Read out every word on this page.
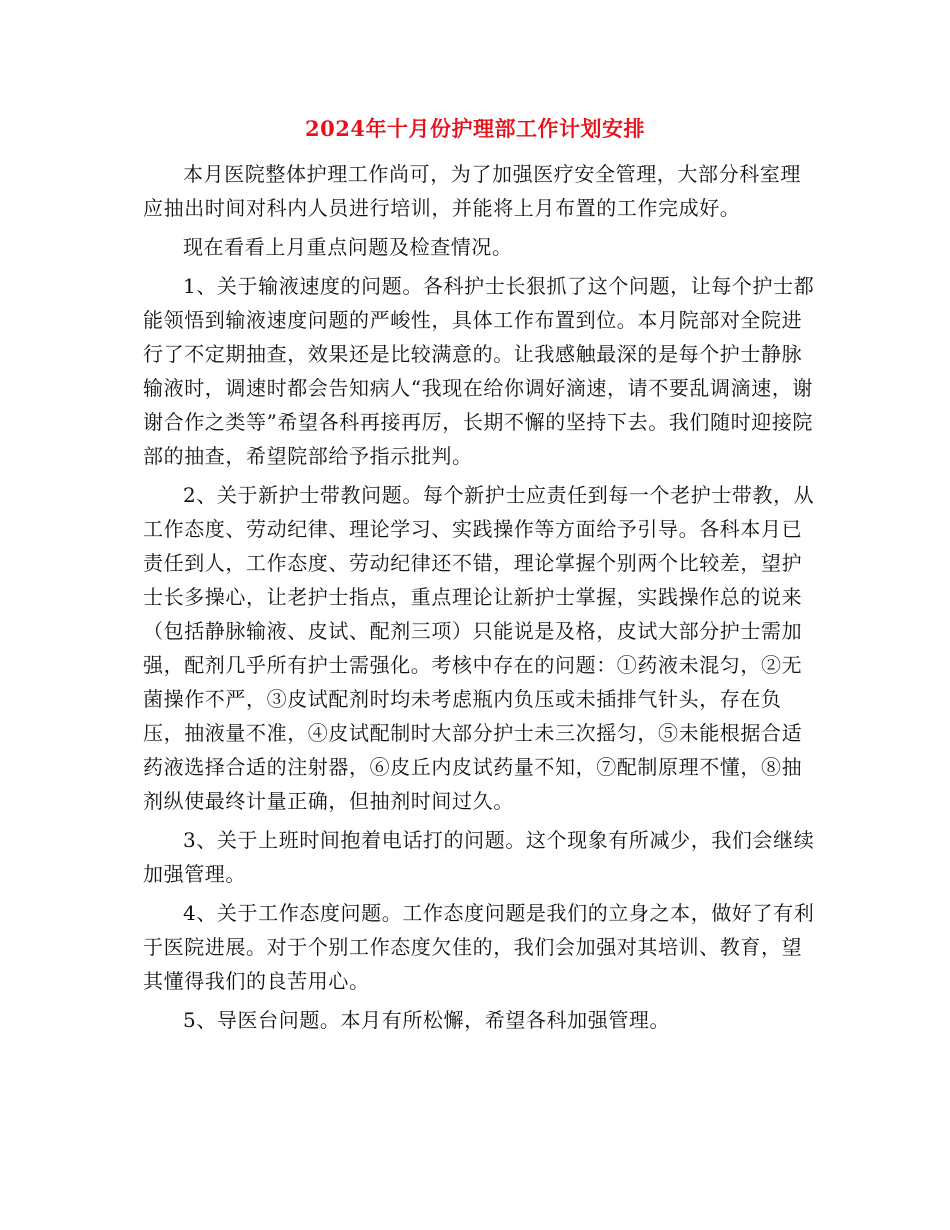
2024年十月份护理部工作计划安排

本月医院整体护理工作尚可，为了加强医疗安全管理，大部分科室理应抽出时间对科内人员进行培训，并能将上月布置的工作完成好。

现在看看上月重点问题及检查情况。

1、关于输液速度的问题。各科护士长狠抓了这个问题，让每个护士都能领悟到输液速度问题的严峻性，具体工作布置到位。本月院部对全院进行了不定期抽查，效果还是比较满意的。让我感触最深的是每个护士静脉输液时，调速时都会告知病人“我现在给你调好滴速，请不要乱调滴速，谢谢合作之类等”希望各科再接再厉，长期不懈的坚持下去。我们随时迎接院部的抽查，希望院部给予指示批判。

2、关于新护士带教问题。每个新护士应责任到每一个老护士带教，从工作态度、劳动纪律、理论学习、实践操作等方面给予引导。各科本月已责任到人，工作态度、劳动纪律还不错，理论掌握个别两个比较差，望护士长多操心，让老护士指点，重点理论让新护士掌握，实践操作总的说来（包括静脉输液、皮试、配剂三项）只能说是及格，皮试大部分护士需加强，配剂几乎所有护士需强化。考核中存在的问题：①药液未混匀，②无菌操作不严，③皮试配剂时均未考虑瓶内负压或未插排气针头，存在负压，抽液量不准，④皮试配制时大部分护士未三次摇匀，⑤未能根据合适药液选择合适的注射器，⑥皮丘内皮试药量不知，⑦配制原理不懂，⑧抽剂纵使最终计量正确，但抽剂时间过久。

3、关于上班时间抱着电话打的问题。这个现象有所减少，我们会继续加强管理。

4、关于工作态度问题。工作态度问题是我们的立身之本，做好了有利于医院进展。对于个别工作态度欠佳的，我们会加强对其培训、教育，望其懂得我们的良苦用心。

5、导医台问题。本月有所松懈，希望各科加强管理。
